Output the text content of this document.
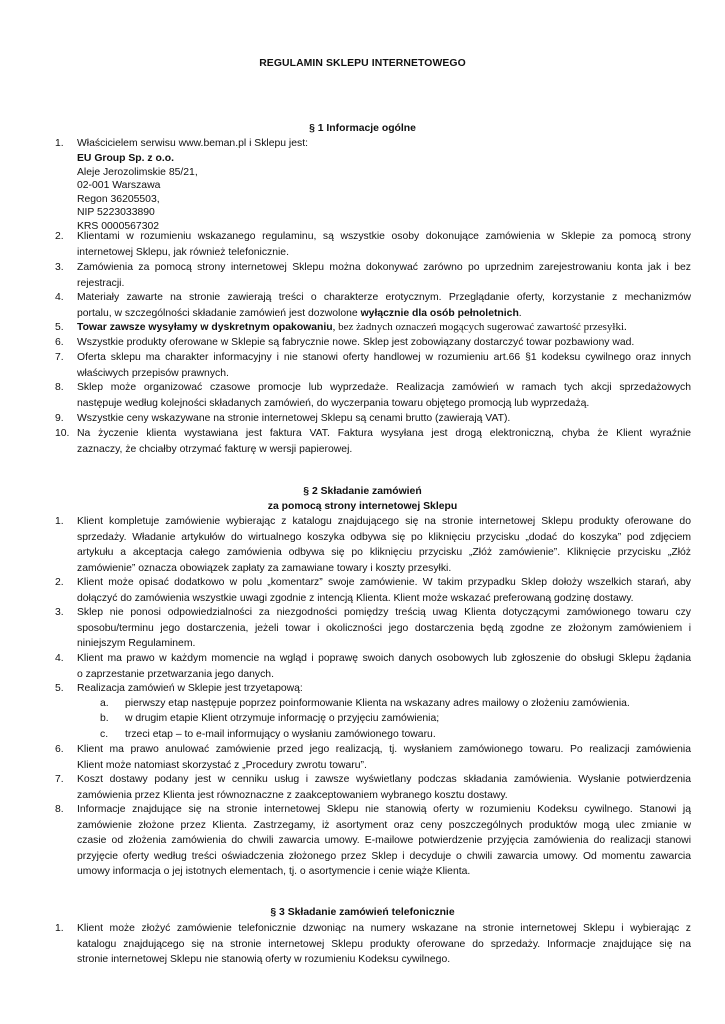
REGULAMIN SKLEPU INTERNETOWEGO
§ 1 Informacje ogólne
1.	Właścicielem serwisu www.beman.pl i Sklepu jest:
EU Group Sp. z o.o.
Aleje Jerozolimskie 85/21,
02-001 Warszawa
Regon 36205503,
NIP 5223033890
KRS 0000567302
2.	Klientami w rozumieniu wskazanego regulaminu, są wszystkie osoby dokonujące zamówienia w Sklepie za pomocą strony
internetowej Sklepu, jak również telefonicznie.
3.	Zamówienia za pomocą strony internetowej Sklepu można dokonywać zarówno po uprzednim zarejestrowaniu konta jak i bez
rejestracji.
4.	Materiały zawarte na stronie zawierają treści o charakterze erotycznym. Przeglądanie oferty, korzystanie z mechanizmów
portalu, w szczególności składanie zamówień jest dozwolone wyłącznie dla osób pełnoletnich.
5.	Towar zawsze wysyłamy w dyskretnym opakowaniu, bez żadnych oznaczeń mogących sugerować zawartość przesyłki.
6.	Wszystkie produkty oferowane w Sklepie są fabrycznie nowe. Sklep jest zobowiązany dostarczyć towar pozbawiony wad.
7.	Oferta sklepu ma charakter informacyjny i nie stanowi oferty handlowej w rozumieniu art.66 §1 kodeksu cywilnego oraz innych
właściwych przepisów prawnych.
8.	Sklep może organizować czasowe promocje lub wyprzedaże. Realizacja zamówień w ramach tych akcji sprzedażowych
następuje według kolejności składanych zamówień, do wyczerpania towaru objętego promocją lub wyprzedażą.
9.	Wszystkie ceny wskazywane na stronie internetowej Sklepu są cenami brutto (zawierają VAT).
10. Na życzenie klienta wystawiana jest faktura VAT. Faktura wysyłana jest drogą elektroniczną, chyba że Klient wyraźnie
zaznaczy, że chciałby otrzymać fakturę w wersji papierowej.
§ 2 Składanie zamówień
za pomocą strony internetowej Sklepu
1.	Klient kompletuje zamówienie wybierając z katalogu znajdującego się na stronie internetowej Sklepu produkty oferowane do
sprzedaży. Władanie artykułów do wirtualnego koszyka odbywa się po kliknięciu przycisku „dodać do koszyka” pod zdjęciem
artykułu a akceptacja całego zamówienia odbywa się po kliknięciu przycisku „Złóż zamówienie”. Kliknięcie przycisku „Złóż
zamówienie” oznacza obowiązek zapłaty za zamawiane towary i koszty przesyłki.
2.	Klient może opisać dodatkowo w polu „komentarz” swoje zamówienie. W takim przypadku Sklep dołoży wszelkich starań, aby
dołączyć do zamówienia wszystkie uwagi zgodnie z intencją Klienta. Klient może wskazać preferowaną godzinę dostawy.
3.	Sklep nie ponosi odpowiedzialności za niezgodności pomiędzy treścią uwag Klienta dotyczącymi zamówionego towaru czy
sposobu/terminu jego dostarczenia, jeżeli towar i okoliczności jego dostarczenia będą zgodne ze złożonym zamówieniem i
niniejszym Regulaminem.
4.	Klient ma prawo w każdym momencie na wgląd i poprawę swoich danych osobowych lub zgłoszenie do obsługi Sklepu żądania
o zaprzestanie przetwarzania jego danych.
5.	Realizacja zamówień w Sklepie jest trzyetapową:
a. pierwszy etap następuje poprzez poinformowanie Klienta na wskazany adres mailowy o złożeniu zamówienia.
b. w drugim etapie Klient otrzymuje informację o przyjęciu zamówienia;
c. trzeci etap – to e-mail informujący o wysłaniu zamówionego towaru.
6.	Klient ma prawo anulować zamówienie przed jego realizacją, tj. wysłaniem zamówionego towaru. Po realizacji zamówienia
Klient może natomiast skorzystać z „Procedury zwrotu towaru”.
7.	Koszt dostawy podany jest w cenniku usług i zawsze wyświetlany podczas składania zamówienia. Wysłanie potwierdzenia
zamówienia przez Klienta jest równoznaczne z zaakceptowaniem wybranego kosztu dostawy.
8.	Informacje znajdujące się na stronie internetowej Sklepu nie stanowią oferty w rozumieniu Kodeksu cywilnego. Stanowi ją
zamówienie złożone przez Klienta. Zastrzegamy, iż asortyment oraz ceny poszczególnych produktów mogą ulec zmianie w
czasie od złożenia zamówienia do chwili zawarcia umowy. E-mailowe potwierdzenie przyjęcia zamówienia do realizacji stanowi
przyjęcie oferty według treści oświadczenia złożonego przez Sklep i decyduje o chwili zawarcia umowy. Od momentu zawarcia
umowy informacja o jej istotnych elementach, tj. o asortymencie i cenie wiąże Klienta.
§ 3 Składanie zamówień telefonicznie
1.	Klient może złożyć zamówienie telefonicznie dzwoniąc na numery wskazane na stronie internetowej Sklepu i wybierając z
katalogu znajdującego się na stronie internetowej Sklepu produkty oferowane do sprzedaży. Informacje znajdujące się na
stronie internetowej Sklepu nie stanowią oferty w rozumieniu Kodeksu cywilnego.
